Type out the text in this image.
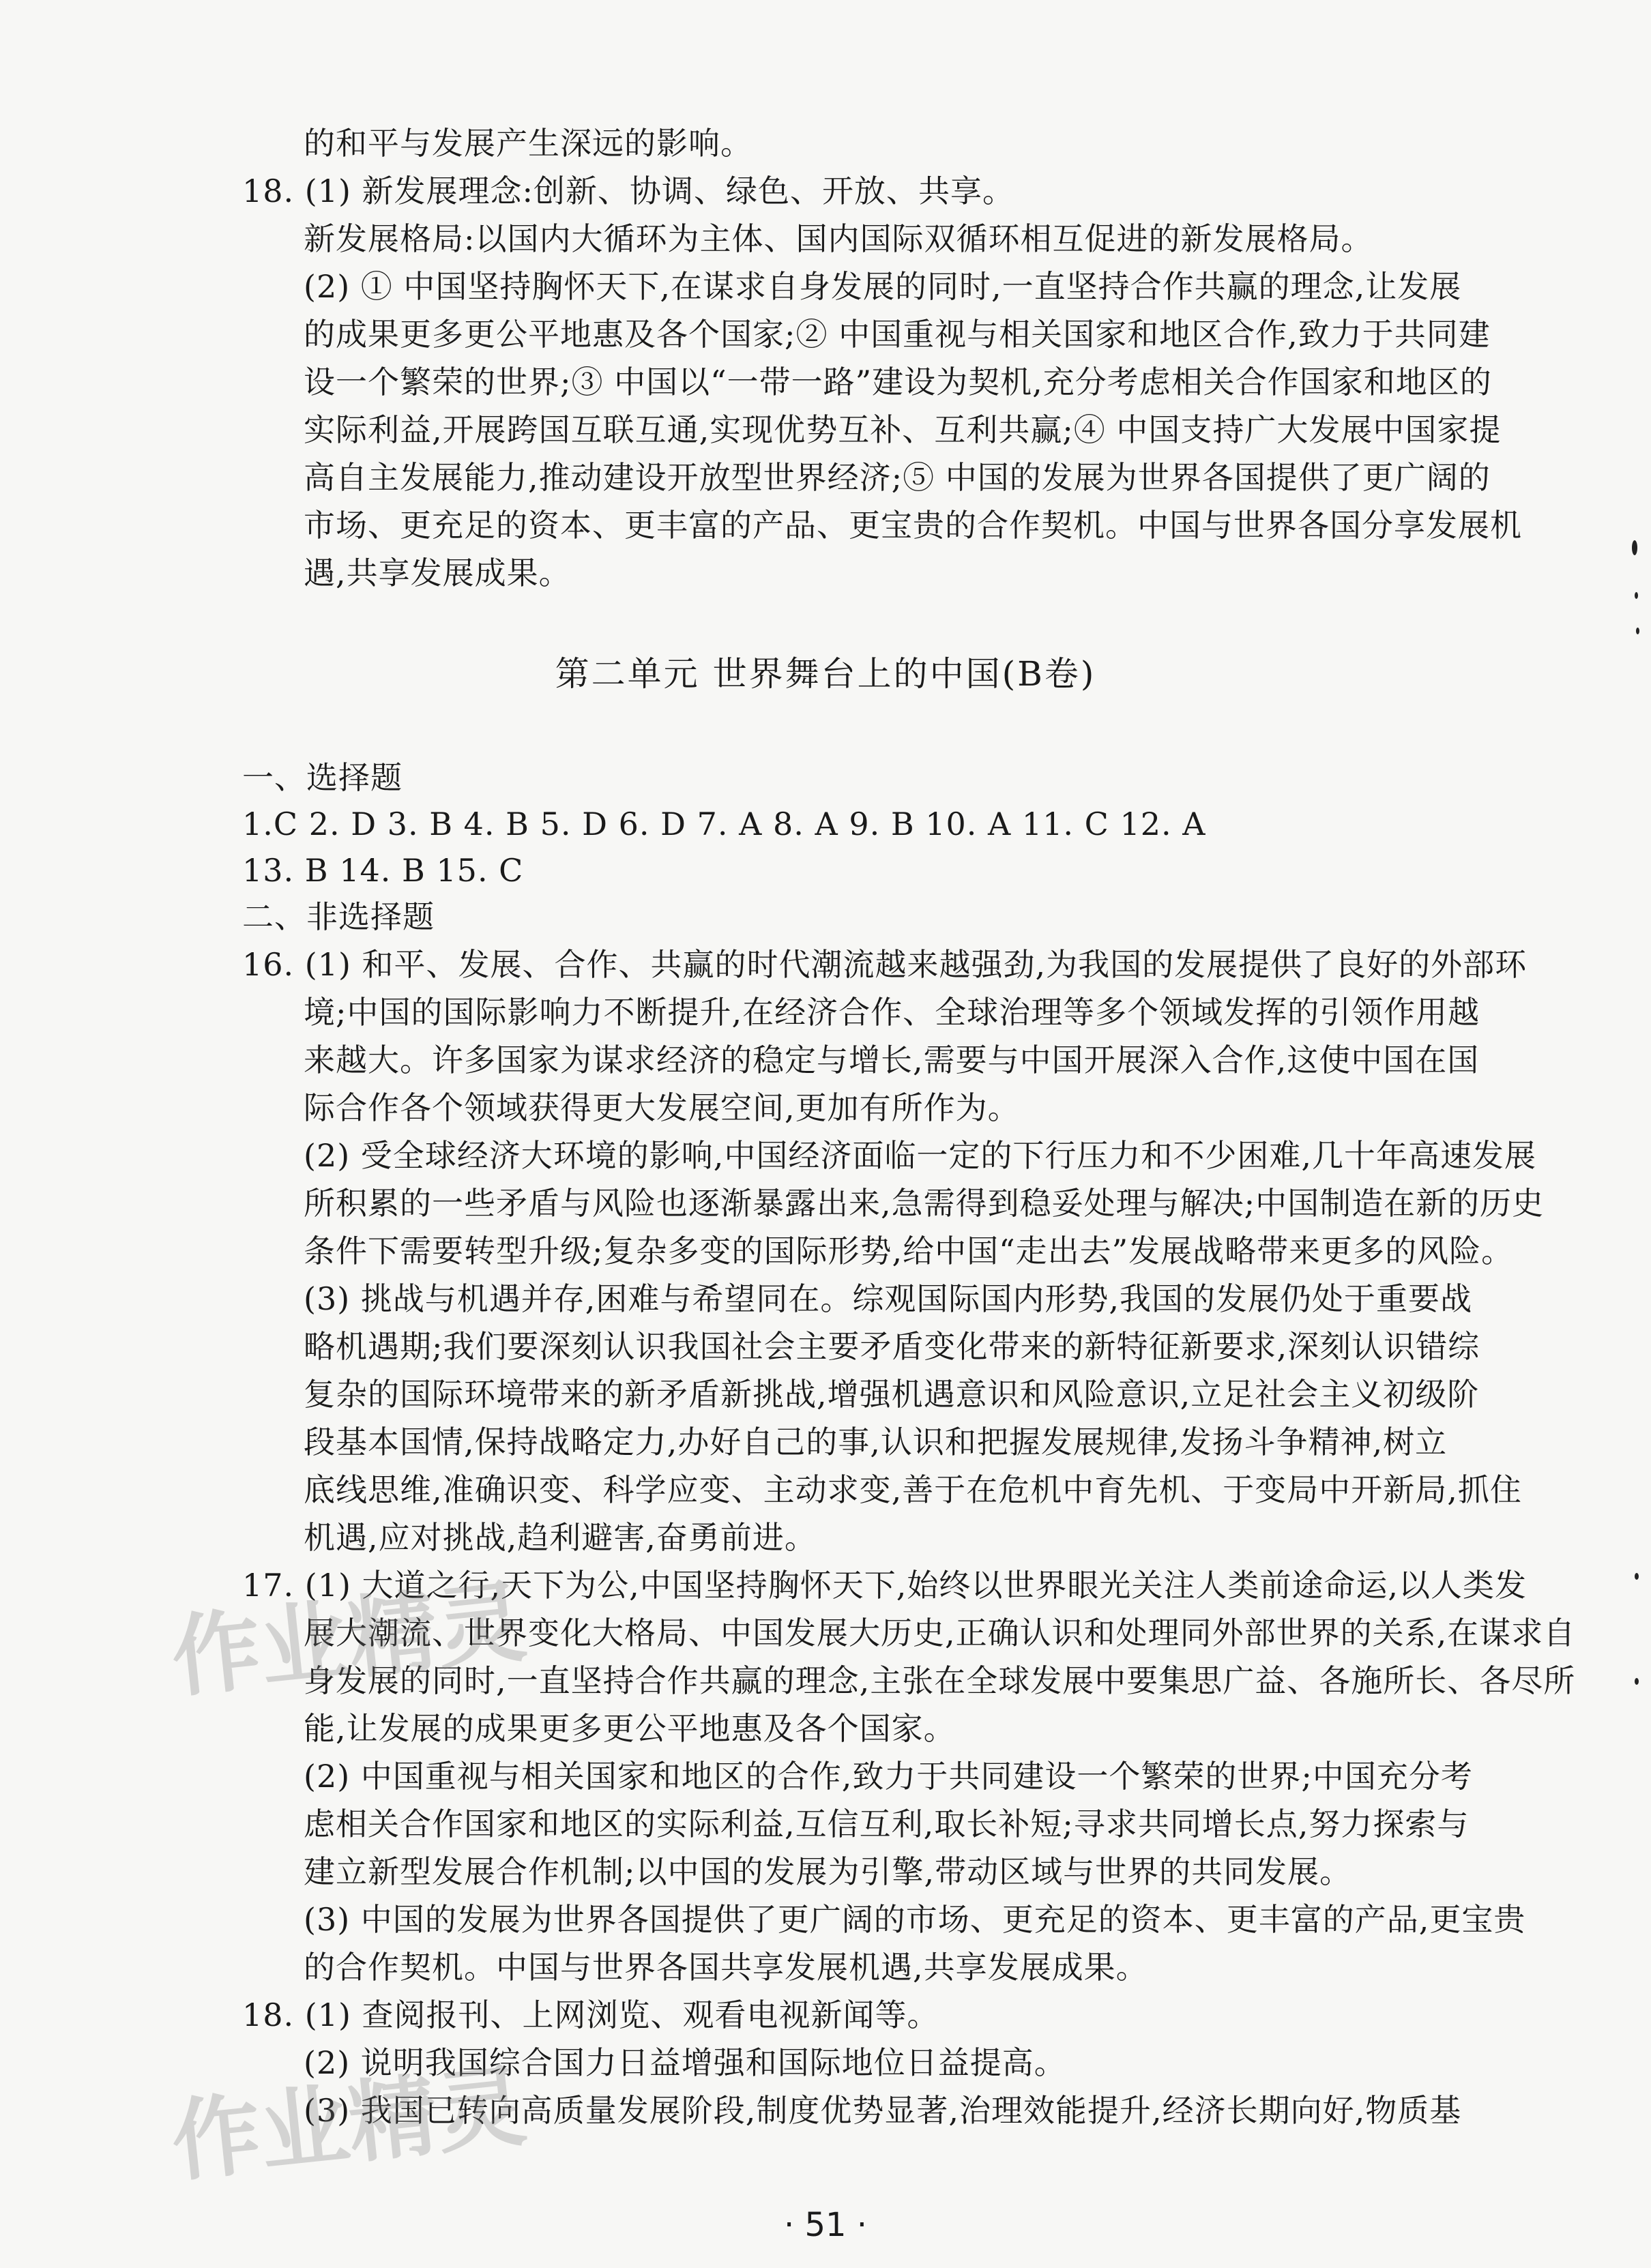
的和平与发展产生深远的影响。
18. (1) 新发展理念:创新、协调、绿色、开放、共享。
新发展格局:以国内大循环为主体、国内国际双循环相互促进的新发展格局。
(2) ① 中国坚持胸怀天下,在谋求自身发展的同时,一直坚持合作共赢的理念,让发展
的成果更多更公平地惠及各个国家;② 中国重视与相关国家和地区合作,致力于共同建
设一个繁荣的世界;③ 中国以“一带一路”建设为契机,充分考虑相关合作国家和地区的
实际利益,开展跨国互联互通,实现优势互补、互利共赢;④ 中国支持广大发展中国家提
高自主发展能力,推动建设开放型世界经济;⑤ 中国的发展为世界各国提供了更广阔的
市场、更充足的资本、更丰富的产品、更宝贵的合作契机。中国与世界各国分享发展机
遇,共享发展成果。
一、选择题
1.C 2. D 3. B 4. B 5. D 6. D 7. A 8. A 9. B 10. A 11. C 12. A
13. B 14. B 15. C
二、非选择题
16. (1) 和平、发展、合作、共赢的时代潮流越来越强劲,为我国的发展提供了良好的外部环
境;中国的国际影响力不断提升,在经济合作、全球治理等多个领域发挥的引领作用越
来越大。许多国家为谋求经济的稳定与增长,需要与中国开展深入合作,这使中国在国
际合作各个领域获得更大发展空间,更加有所作为。
(2) 受全球经济大环境的影响,中国经济面临一定的下行压力和不少困难,几十年高速发展
所积累的一些矛盾与风险也逐渐暴露出来,急需得到稳妥处理与解决;中国制造在新的历史
条件下需要转型升级;复杂多变的国际形势,给中国“走出去”发展战略带来更多的风险。
(3) 挑战与机遇并存,困难与希望同在。综观国际国内形势,我国的发展仍处于重要战
略机遇期;我们要深刻认识我国社会主要矛盾变化带来的新特征新要求,深刻认识错综
复杂的国际环境带来的新矛盾新挑战,增强机遇意识和风险意识,立足社会主义初级阶
段基本国情,保持战略定力,办好自己的事,认识和把握发展规律,发扬斗争精神,树立
底线思维,准确识变、科学应变、主动求变,善于在危机中育先机、于变局中开新局,抓住
机遇,应对挑战,趋利避害,奋勇前进。
17. (1) 大道之行,天下为公,中国坚持胸怀天下,始终以世界眼光关注人类前途命运,以人类发
展大潮流、世界变化大格局、中国发展大历史,正确认识和处理同外部世界的关系,在谋求自
身发展的同时,一直坚持合作共赢的理念,主张在全球发展中要集思广益、各施所长、各尽所
能,让发展的成果更多更公平地惠及各个国家。
(2) 中国重视与相关国家和地区的合作,致力于共同建设一个繁荣的世界;中国充分考
虑相关合作国家和地区的实际利益,互信互利,取长补短;寻求共同增长点,努力探索与
建立新型发展合作机制;以中国的发展为引擎,带动区域与世界的共同发展。
(3) 中国的发展为世界各国提供了更广阔的市场、更充足的资本、更丰富的产品,更宝贵
的合作契机。中国与世界各国共享发展机遇,共享发展成果。
18. (1) 查阅报刊、上网浏览、观看电视新闻等。
(2) 说明我国综合国力日益增强和国际地位日益提高。
(3) 我国已转向高质量发展阶段,制度优势显著,治理效能提升,经济长期向好,物质基
第二单元 世界舞台上的中国(B卷)
· 51 ·
作业精灵
作业精灵
